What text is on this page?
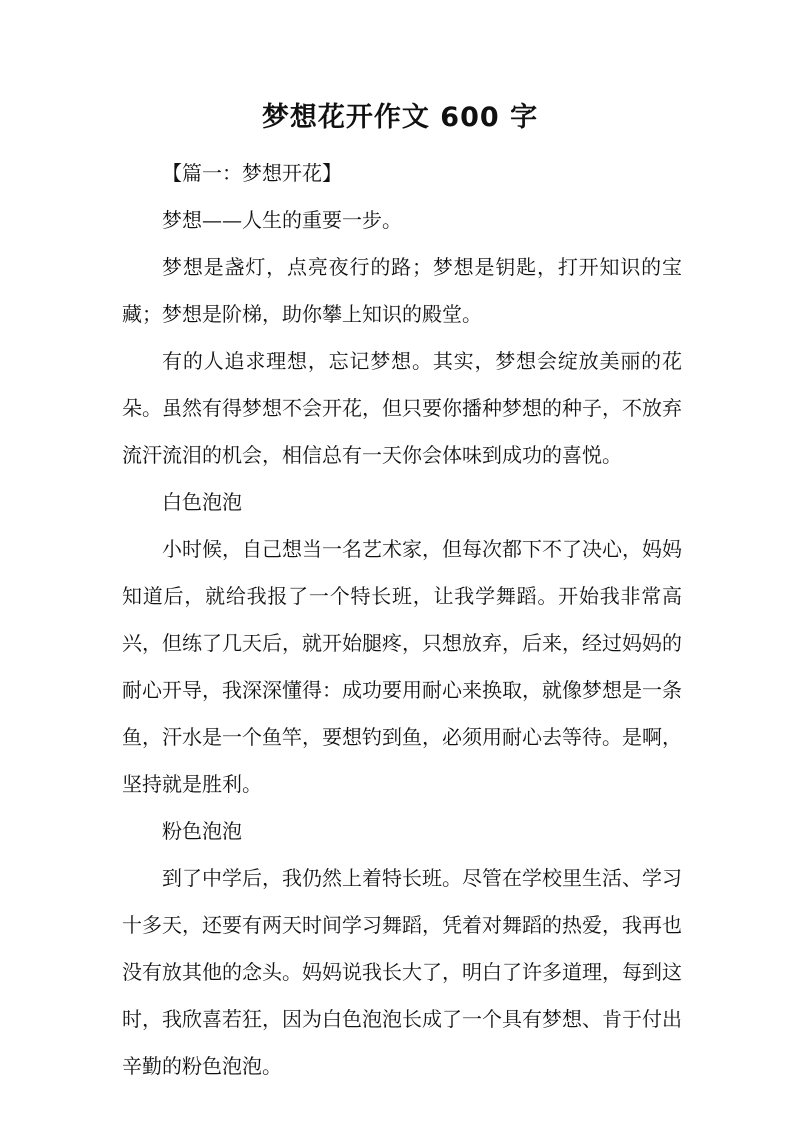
梦想花开作文 600 字

【篇一：梦想开花】

梦想——人生的重要一步。

梦想是盏灯，点亮夜行的路；梦想是钥匙，打开知识的宝藏；梦想是阶梯，助你攀上知识的殿堂。

有的人追求理想，忘记梦想。其实，梦想会绽放美丽的花朵。虽然有得梦想不会开花，但只要你播种梦想的种子，不放弃流汗流泪的机会，相信总有一天你会体味到成功的喜悦。

白色泡泡

小时候，自己想当一名艺术家，但每次都下不了决心，妈妈知道后，就给我报了一个特长班，让我学舞蹈。开始我非常高兴，但练了几天后，就开始腿疼，只想放弃，后来，经过妈妈的耐心开导，我深深懂得：成功要用耐心来换取，就像梦想是一条鱼，汗水是一个鱼竿，要想钓到鱼，必须用耐心去等待。是啊，坚持就是胜利。

粉色泡泡

到了中学后，我仍然上着特长班。尽管在学校里生活、学习十多天，还要有两天时间学习舞蹈，凭着对舞蹈的热爱，我再也没有放其他的念头。妈妈说我长大了，明白了许多道理，每到这时，我欣喜若狂，因为白色泡泡长成了一个具有梦想、肯于付出辛勤的粉色泡泡。
